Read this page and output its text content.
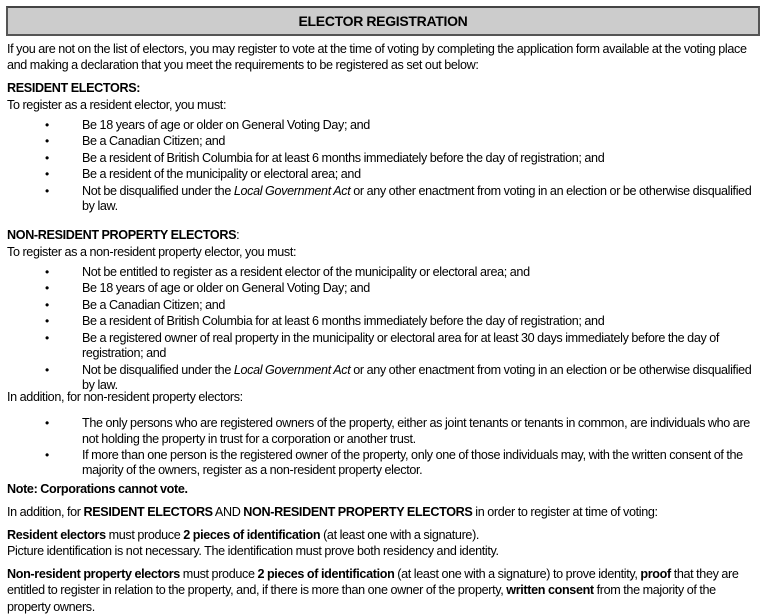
ELECTOR REGISTRATION
If you are not on the list of electors, you may register to vote at the time of voting by completing the application form available at the voting place and making a declaration that you meet the requirements to be registered as set out below:
RESIDENT ELECTORS:
To register as a resident elector, you must:
•	Be 18 years of age or older on General Voting Day; and
•	Be a Canadian Citizen; and
•	Be a resident of British Columbia for at least 6 months immediately before the day of registration; and
•	Be a resident of the municipality or electoral area; and
•	Not be disqualified under the Local Government Act or any other enactment from voting in an election or be otherwise disqualified by law.
NON-RESIDENT PROPERTY ELECTORS:
To register as a non-resident property elector, you must:
•	Not be entitled to register as a resident elector of the municipality or electoral area; and
•	Be 18 years of age or older on General Voting Day; and
•	Be a Canadian Citizen; and
•	Be a resident of British Columbia for at least 6 months immediately before the day of registration; and
•	Be a registered owner of real property in the municipality or electoral area for at least 30 days immediately before the day of registration; and
•	Not be disqualified under the Local Government Act or any other enactment from voting in an election or be otherwise disqualified by law.
In addition, for non-resident property electors:
•	The only persons who are registered owners of the property, either as joint tenants or tenants in common, are individuals who are not holding the property in trust for a corporation or another trust.
•	If more than one person is the registered owner of the property, only one of those individuals may, with the written consent of the majority of the owners, register as a non-resident property elector.
Note: Corporations cannot vote.
In addition, for RESIDENT ELECTORS AND NON-RESIDENT PROPERTY ELECTORS in order to register at time of voting:
Resident electors must produce 2 pieces of identification (at least one with a signature).
Picture identification is not necessary. The identification must prove both residency and identity.
Non-resident property electors must produce 2 pieces of identification (at least one with a signature) to prove identity, proof that they are entitled to register in relation to the property, and, if there is more than one owner of the property, written consent from the majority of the property owners.
